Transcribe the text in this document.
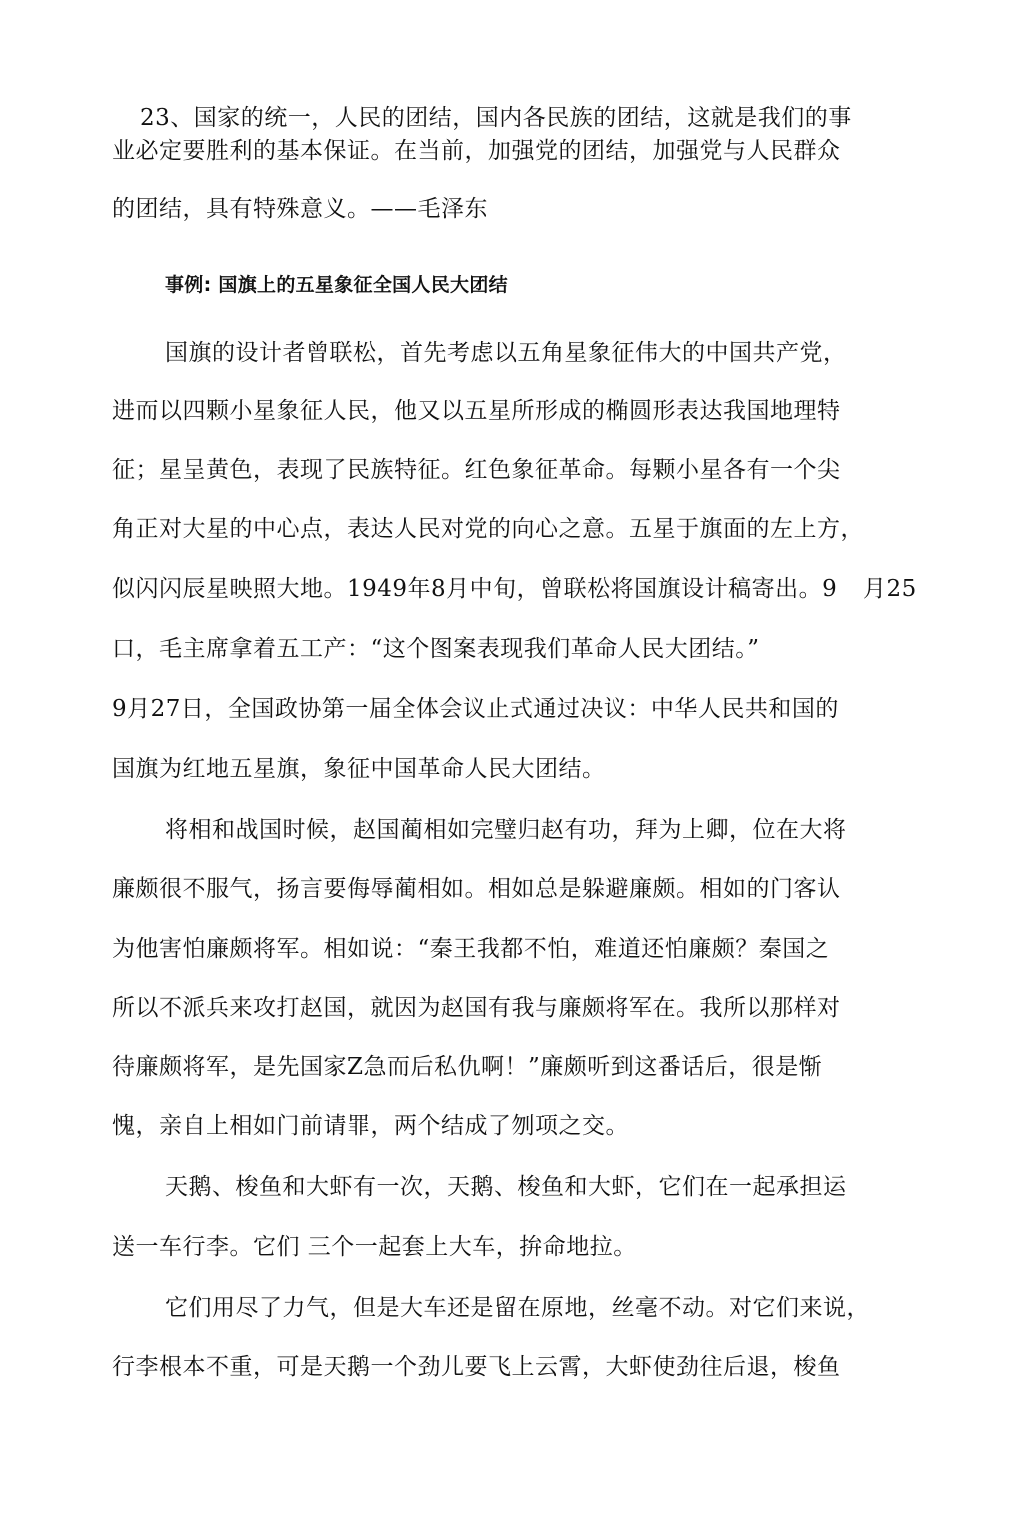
23、国家的统一，人民的团结，国内各民族的团结，这就是我们的事
业必定要胜利的基本保证。在当前，加强党的团结，加强党与人民群众
的团结，具有特殊意义。——毛泽东
事例: 国旗上的五星象征全国人民大团结
国旗的设计者曾联松，首先考虑以五角星象征伟大的中国共产党，
进而以四颗小星象征人民，他又以五星所形成的椭圆形表达我国地理特
征；星呈黄色，表现了民族特征。红色象征革命。每颗小星各有一个尖
角正对大星的中心点，表达人民对党的向心之意。五星于旗面的左上方，
似闪闪辰星映照大地。1949年8月中旬，曾联松将国旗设计稿寄出。9 月25
口，毛主席拿着五工产：“这个图案表现我们革命人民大团结。”
9月27日，全国政协第一届全体会议止式通过决议：中华人民共和国的
国旗为红地五星旗，象征中国革命人民大团结。
将相和战国时候，赵国蔺相如完璧归赵有功，拜为上卿，位在大将
廉颇很不服气，扬言要侮辱蔺相如。相如总是躲避廉颇。相如的门客认
为他害怕廉颇将军。相如说：“秦王我都不怕，难道还怕廉颇？秦国之
所以不派兵来攻打赵国，就因为赵国有我与廉颇将军在。我所以那样对
待廉颇将军，是先国家Z急而后私仇啊！”廉颇听到这番话后，很是惭
愧，亲自上相如门前请罪，两个结成了刎项之交。
天鹅、梭鱼和大虾有一次，天鹅、梭鱼和大虾，它们在一起承担运
送一车行李。它们 三个一起套上大车，拚命地拉。
它们用尽了力气，但是大车还是留在原地，丝毫不动。对它们来说，
行李根本不重，可是天鹅一个劲儿要飞上云霄，大虾使劲往后退，梭鱼
